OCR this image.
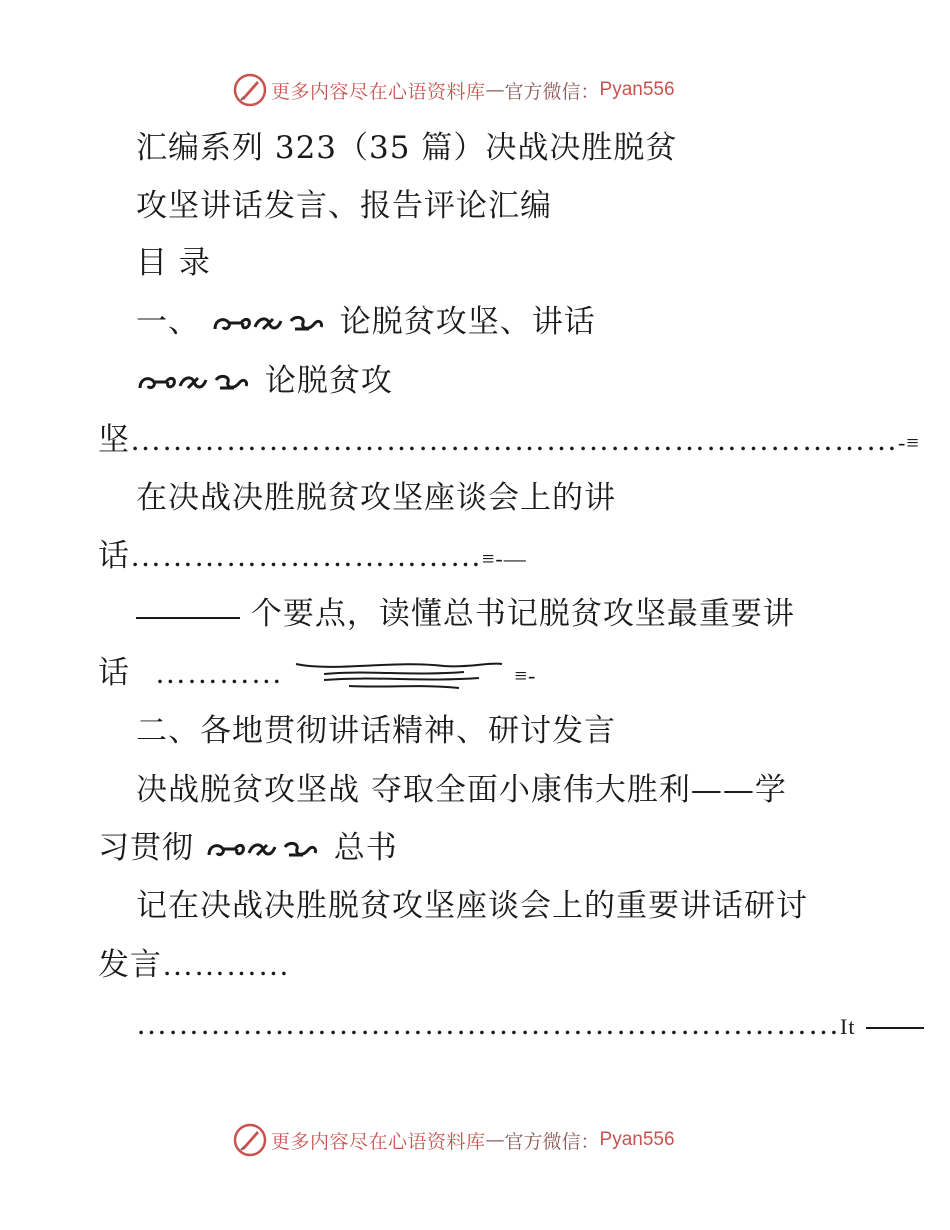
更多内容尽在心语资料库 — 官方微信： Pyan556
汇编系列 323（35 篇）决战决胜脱贫
攻坚讲话发言、报告评论汇编
目 录
一、	论脱贫攻坚、讲话
论脱贫攻
坚………………………………………………………………-≡
在决战决胜脱贫攻坚座谈会上的讲
话……………………………≡-—
个要点，读懂总书记脱贫攻坚最重要讲
话 …………	≡-
二、各地贯彻讲话精神、研讨发言
决战脱贫攻坚战 夺取全面小康伟大胜利——学
习贯彻	总书
记在决战决胜脱贫攻坚座谈会上的重要讲话研讨
发言…………
…………………………………………………………It
更多内容尽在心语资料库 — 官方微信： Pyan556
